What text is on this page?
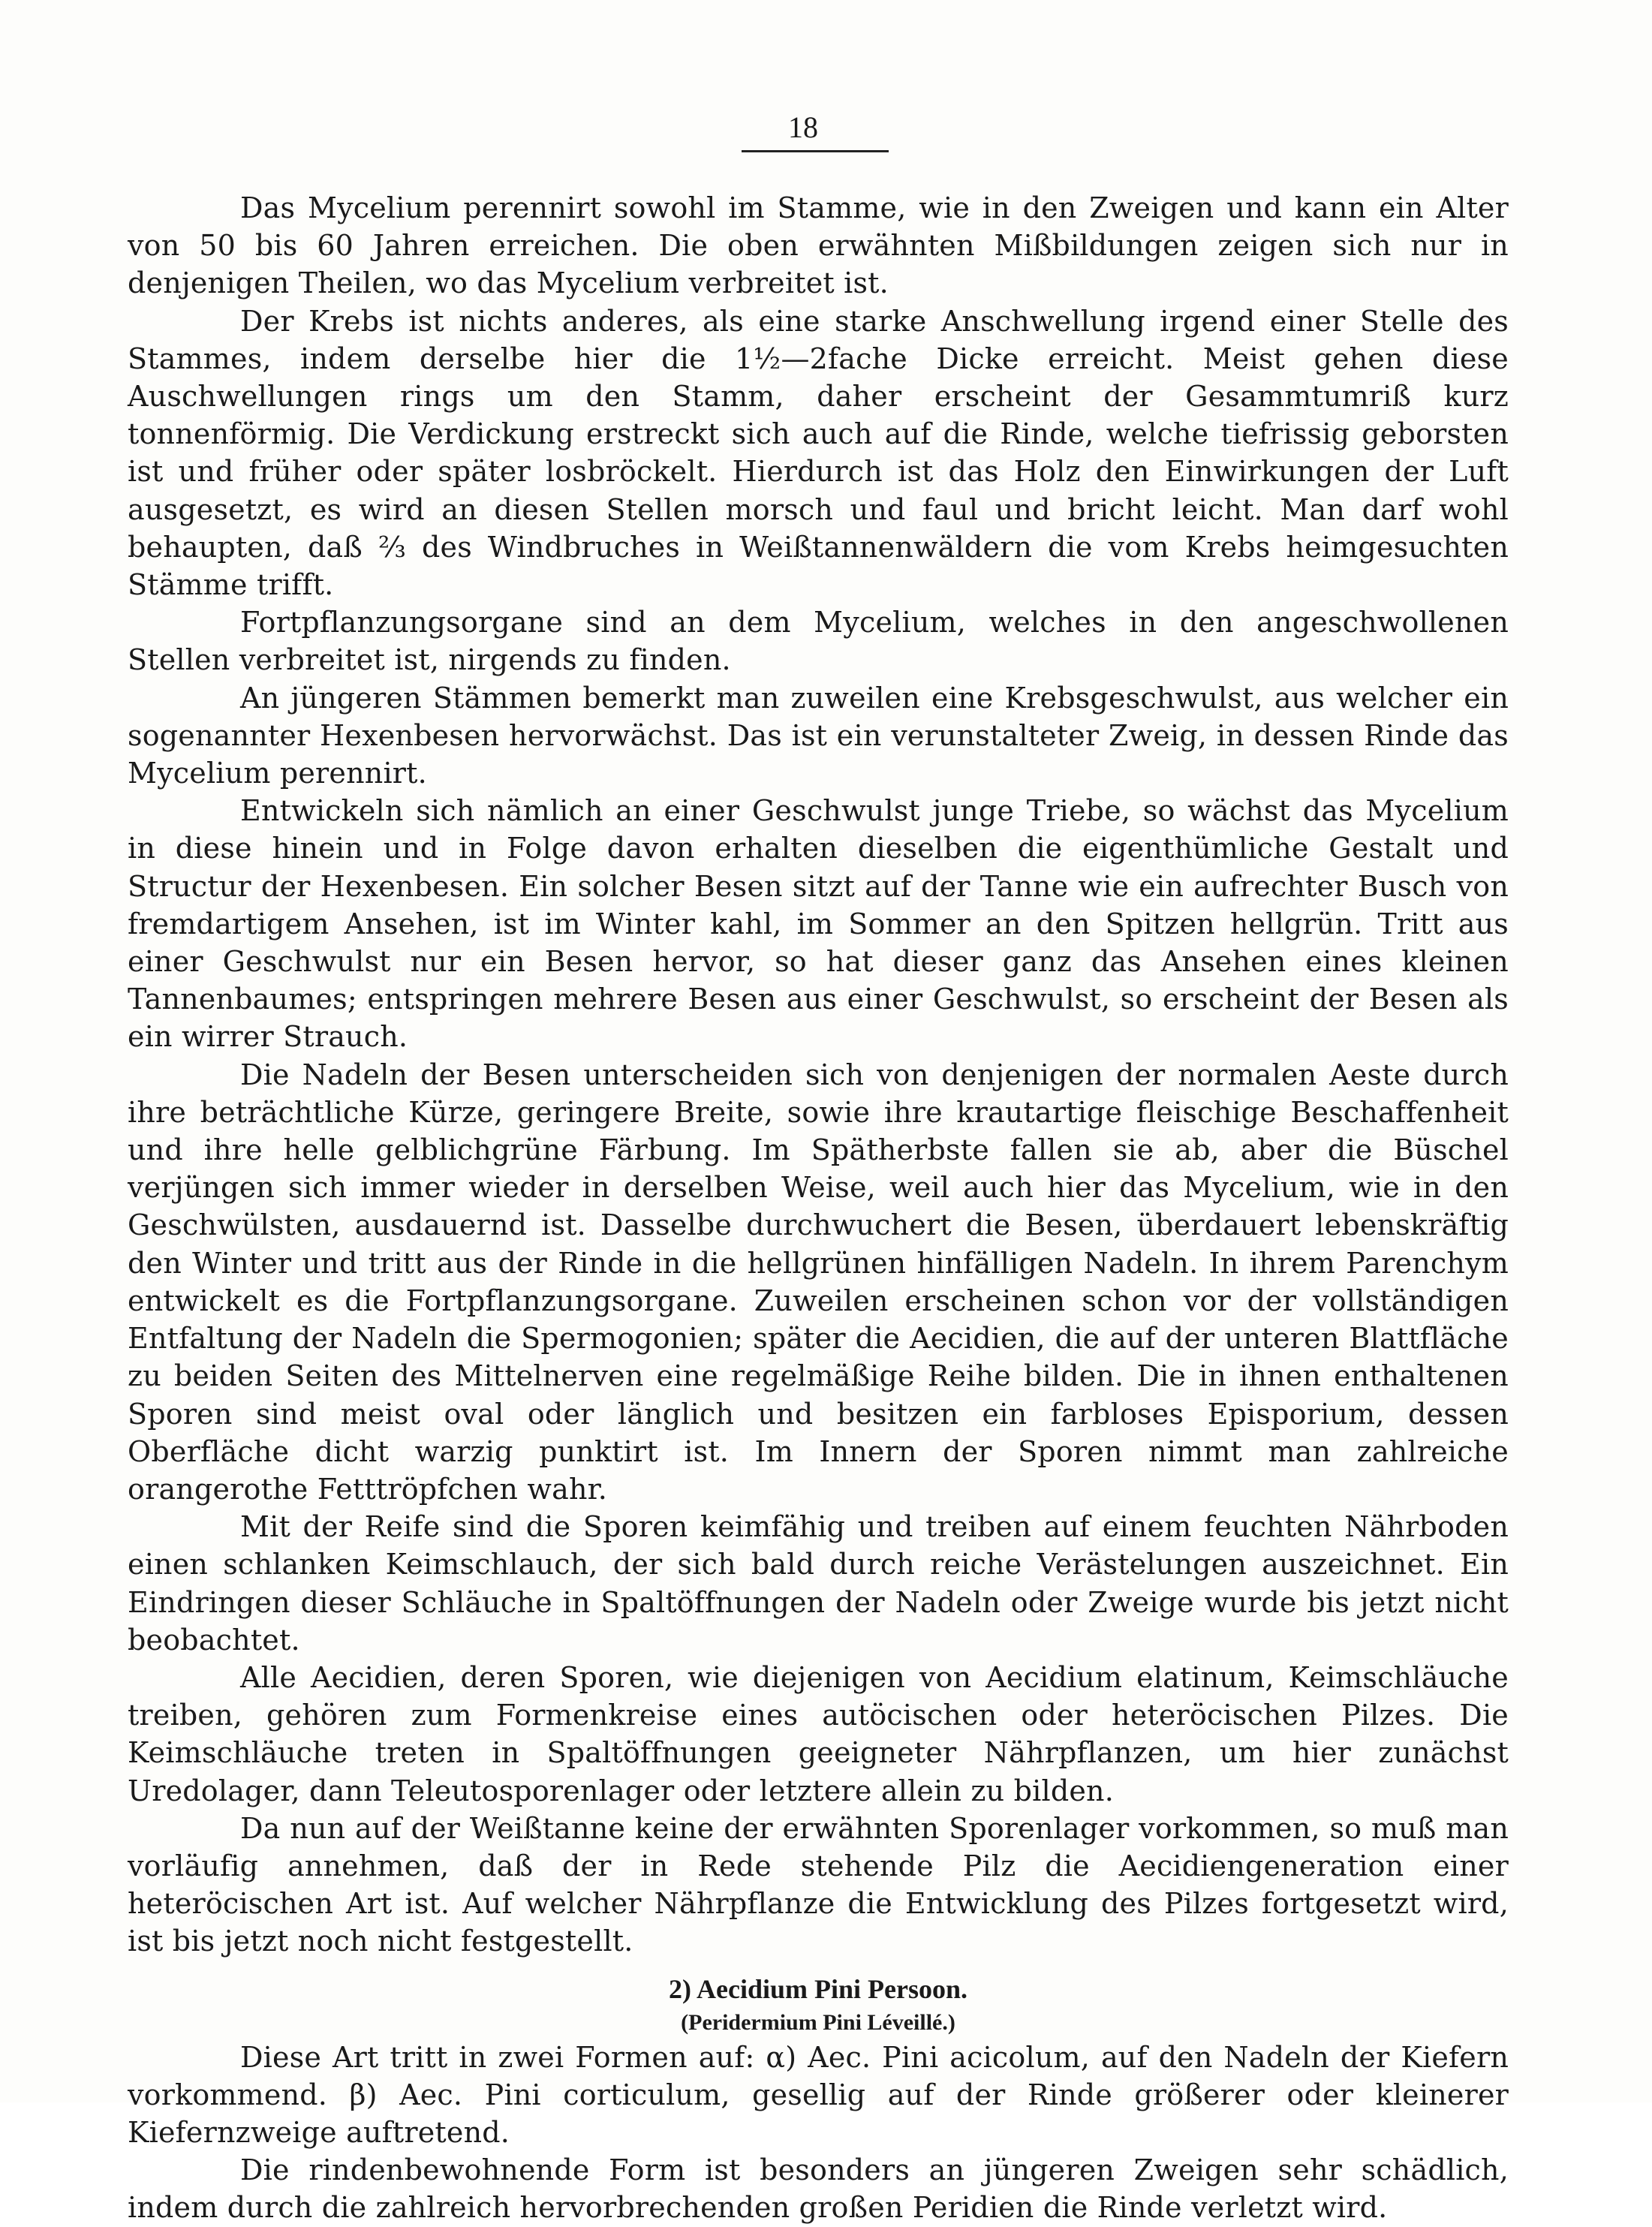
18

Das Mycelium perennirt sowohl im Stamme, wie in den Zweigen und kann ein Alter von 50 bis 60 Jahren erreichen. Die oben erwähnten Mißbildungen zeigen sich nur in denjenigen Theilen, wo das Mycelium verbreitet ist.

Der Krebs ist nichts anderes, als eine starke Anschwellung irgend einer Stelle des Stammes, indem derselbe hier die 1½—2fache Dicke erreicht. Meist gehen diese Auschwellungen rings um den Stamm, daher erscheint der Gesammtumriß kurz tonnenförmig. Die Verdickung erstreckt sich auch auf die Rinde, welche tiefrissig geborsten ist und früher oder später losbröckelt. Hierdurch ist das Holz den Einwirkungen der Luft ausgesetzt, es wird an diesen Stellen morsch und faul und bricht leicht. Man darf wohl behaupten, daß ⅔ des Windbruches in Weißtannenwäldern die vom Krebs heimgesuchten Stämme trifft.

Fortpflanzungsorgane sind an dem Mycelium, welches in den angeschwollenen Stellen verbreitet ist, nirgends zu finden.

An jüngeren Stämmen bemerkt man zuweilen eine Krebsgeschwulst, aus welcher ein sogenannter Hexenbesen hervorwächst. Das ist ein verunstalteter Zweig, in dessen Rinde das Mycelium perennirt.

Entwickeln sich nämlich an einer Geschwulst junge Triebe, so wächst das Mycelium in diese hinein und in Folge davon erhalten dieselben die eigenthümliche Gestalt und Structur der Hexenbesen. Ein solcher Besen sitzt auf der Tanne wie ein aufrechter Busch von fremdartigem Ansehen, ist im Winter kahl, im Sommer an den Spitzen hellgrün. Tritt aus einer Geschwulst nur ein Besen hervor, so hat dieser ganz das Ansehen eines kleinen Tannenbaumes; entspringen mehrere Besen aus einer Geschwulst, so erscheint der Besen als ein wirrer Strauch.

Die Nadeln der Besen unterscheiden sich von denjenigen der normalen Aeste durch ihre beträchtliche Kürze, geringere Breite, sowie ihre krautartige fleischige Beschaffenheit und ihre helle gelblichgrüne Färbung. Im Spätherbste fallen sie ab, aber die Büschel verjüngen sich immer wieder in derselben Weise, weil auch hier das Mycelium, wie in den Geschwülsten, ausdauernd ist. Dasselbe durchwuchert die Besen, überdauert lebenskräftig den Winter und tritt aus der Rinde in die hellgrünen hinfälligen Nadeln. In ihrem Parenchym entwickelt es die Fortpflanzungsorgane. Zuweilen erscheinen schon vor der vollständigen Entfaltung der Nadeln die Spermogonien; später die Aecidien, die auf der unteren Blattfläche zu beiden Seiten des Mittelnerven eine regelmäßige Reihe bilden. Die in ihnen enthaltenen Sporen sind meist oval oder länglich und besitzen ein farbloses Episporium, dessen Oberfläche dicht warzig punktirt ist. Im Innern der Sporen nimmt man zahlreiche orangerothe Fetttröpfchen wahr.

Mit der Reife sind die Sporen keimfähig und treiben auf einem feuchten Nährboden einen schlanken Keimschlauch, der sich bald durch reiche Verästelungen auszeichnet. Ein Eindringen dieser Schläuche in Spaltöffnungen der Nadeln oder Zweige wurde bis jetzt nicht beobachtet.

Alle Aecidien, deren Sporen, wie diejenigen von Aecidium elatinum, Keimschläuche treiben, gehören zum Formenkreise eines autöcischen oder heteröcischen Pilzes. Die Keimschläuche treten in Spaltöffnungen geeigneter Nährpflanzen, um hier zunächst Uredolager, dann Teleutosporenlager oder letztere allein zu bilden.

Da nun auf der Weißtanne keine der erwähnten Sporenlager vorkommen, so muß man vorläufig annehmen, daß der in Rede stehende Pilz die Aecidiengeneration einer heteröcischen Art ist. Auf welcher Nährpflanze die Entwicklung des Pilzes fortgesetzt wird, ist bis jetzt noch nicht festgestellt.

2) Aecidium Pini Persoon.
(Peridermium Pini Léveillé.)

Diese Art tritt in zwei Formen auf: α) Aec. Pini acicolum, auf den Nadeln der Kiefern vorkommend. β) Aec. Pini corticulum, gesellig auf der Rinde größerer oder kleinerer Kiefernzweige auftretend.

Die rindenbewohnende Form ist besonders an jüngeren Zweigen sehr schädlich, indem durch die zahlreich hervorbrechenden großen Peridien die Rinde verletzt wird.
